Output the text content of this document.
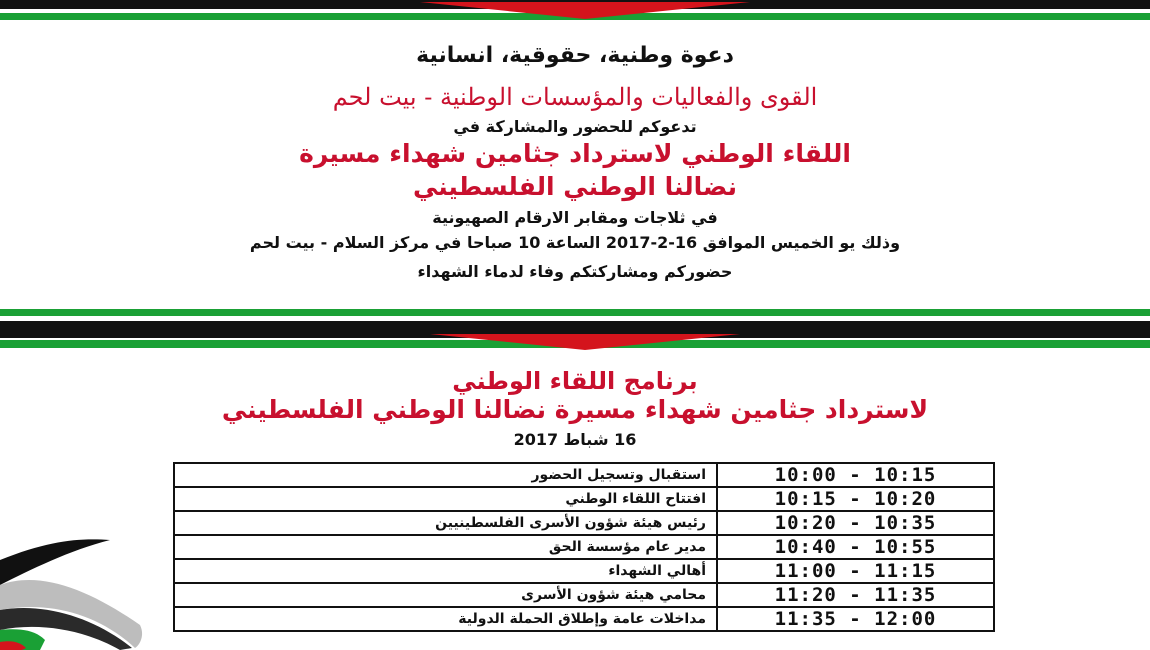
دعوة وطنية، حقوقية، انسانية
القوى والفعاليات والمؤسسات الوطنية - بيت لحم
تدعوكم للحضور والمشاركة في
اللقاء الوطني لاسترداد جثامين شهداء مسيرة
نضالنا الوطني الفلسطيني
في ثلاجات ومقابر الارقام الصهيونية
وذلك يو الخميس الموافق 16-2-2017 الساعة 10 صباحا في مركز السلام - بيت لحم
حضوركم ومشاركتكم وفاء لدماء الشهداء
برنامج اللقاء الوطني
لاسترداد جثامين شهداء مسيرة نضالنا الوطني الفلسطيني
16 شباط 2017
10:00 - 10:15	استقبال وتسجيل الحضور
10:15 - 10:20	افتتاح اللقاء الوطني
10:20 - 10:35	رئيس هيئة شؤون الأسرى الفلسطينيين
10:40 - 10:55	مدير عام مؤسسة الحق
11:00 - 11:15	أهالي الشهداء
11:20 - 11:35	محامي هيئة شؤون الأسرى
11:35 - 12:00	مداخلات عامة وإطلاق الحملة الدولية
